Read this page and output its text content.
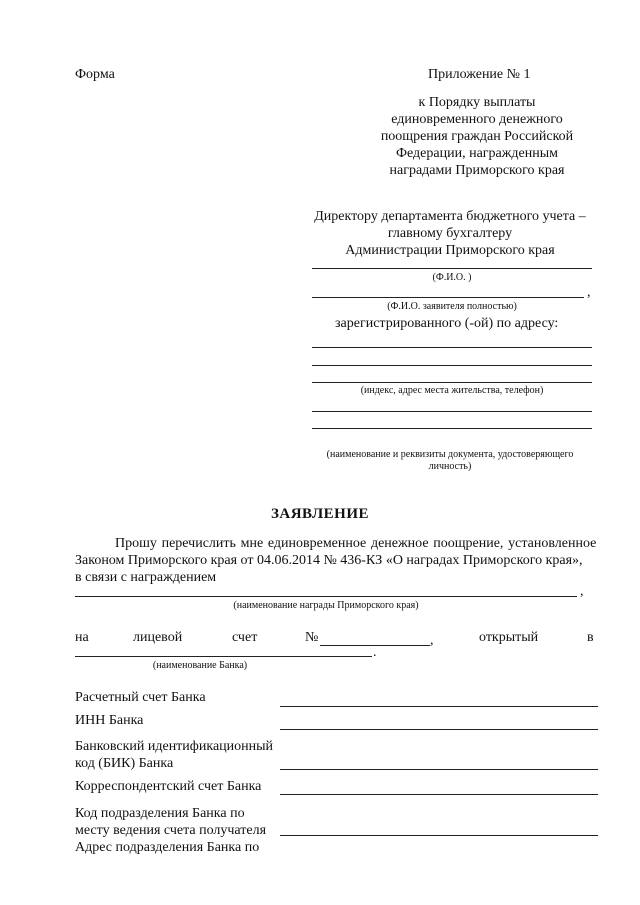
Форма	Приложение № 1
к Порядку выплаты
единовременного денежного
поощрения граждан Российской
Федерации, награжденным
наградами Приморского края
Директору департамента бюджетного учета –
главному бухгалтеру
Администрации Приморского края
(Ф.И.О. )
,
(Ф.И.О. заявителя полностью)
зарегистрированного (-ой) по адресу:
(индекс, адрес места жительства, телефон)
(наименование и реквизиты документа, удостоверяющего
личность)
ЗАЯВЛЕНИЕ
Прошу перечислить мне единовременное денежное поощрение, установленное
Законом Приморского края от 04.06.2014 № 436-КЗ «О наградах Приморского края»,
в связи с награждением
,
(наименование награды Приморского края)
на	лицевой	счет	№	,	открытый	в
.
(наименование Банка)
Расчетный счет Банка
ИНН Банка
Банковский идентификационный
код (БИК) Банка
Корреспондентский счет Банка
Код подразделения Банка по
месту ведения счета получателя
Адрес подразделения Банка по
